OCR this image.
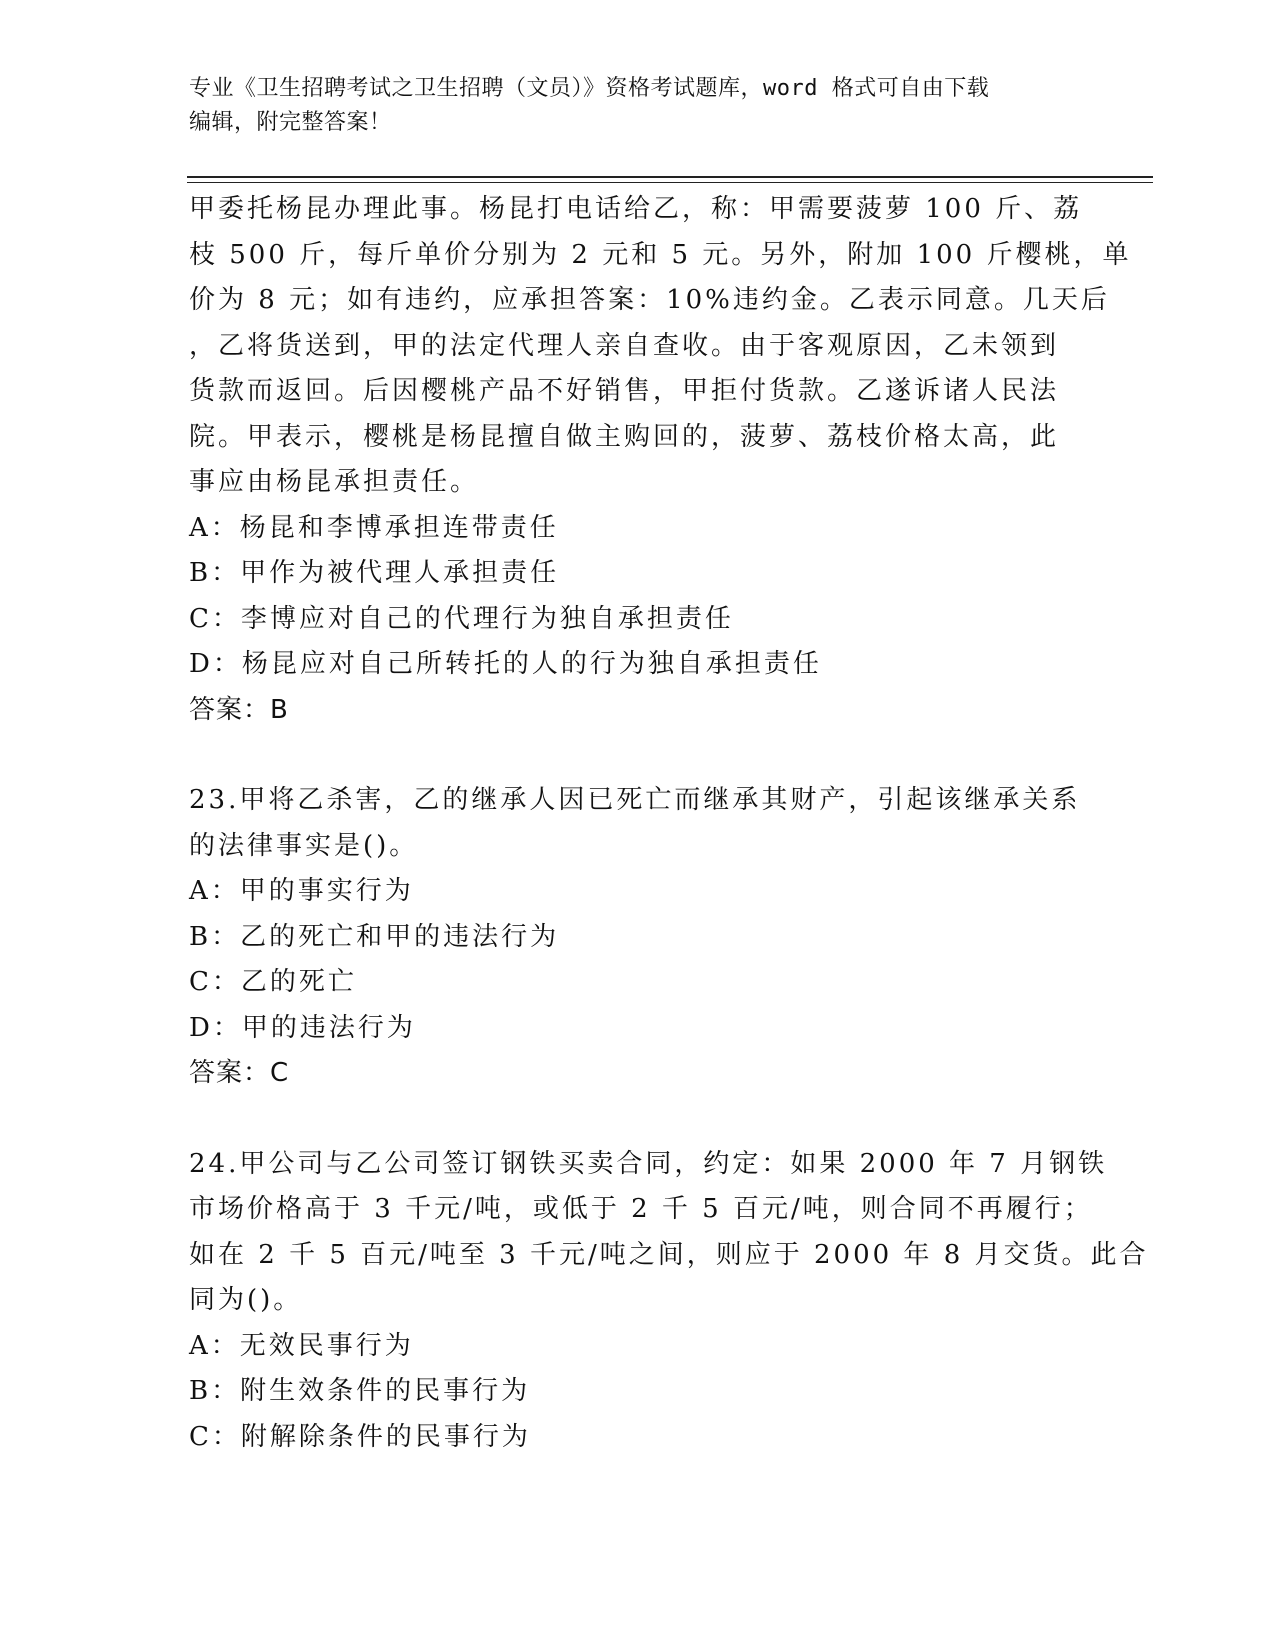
专业《卫生招聘考试之卫生招聘（文员）》资格考试题库，word 格式可自由下载
编辑，附完整答案！
甲委托杨昆办理此事。杨昆打电话给乙，称：甲需要菠萝 100 斤、荔
枝 500 斤，每斤单价分别为 2 元和 5 元。另外，附加 100 斤樱桃，单
价为 8 元；如有违约，应承担答案：10%违约金。乙表示同意。几天后
，乙将货送到，甲的法定代理人亲自查收。由于客观原因，乙未领到
货款而返回。后因樱桃产品不好销售，甲拒付货款。乙遂诉诸人民法
院。甲表示，樱桃是杨昆擅自做主购回的，菠萝、荔枝价格太高，此
事应由杨昆承担责任。
A：杨昆和李博承担连带责任
B：甲作为被代理人承担责任
C：李博应对自己的代理行为独自承担责任
D：杨昆应对自己所转托的人的行为独自承担责任
答案：B
23.甲将乙杀害，乙的继承人因已死亡而继承其财产，引起该继承关系
的法律事实是()。
A：甲的事实行为
B：乙的死亡和甲的违法行为
C：乙的死亡
D：甲的违法行为
答案：C
24.甲公司与乙公司签订钢铁买卖合同，约定：如果 2000 年 7 月钢铁
市场价格高于 3 千元/吨，或低于 2 千 5 百元/吨，则合同不再履行；
如在 2 千 5 百元/吨至 3 千元/吨之间，则应于 2000 年 8 月交货。此合
同为()。
A：无效民事行为
B：附生效条件的民事行为
C：附解除条件的民事行为
